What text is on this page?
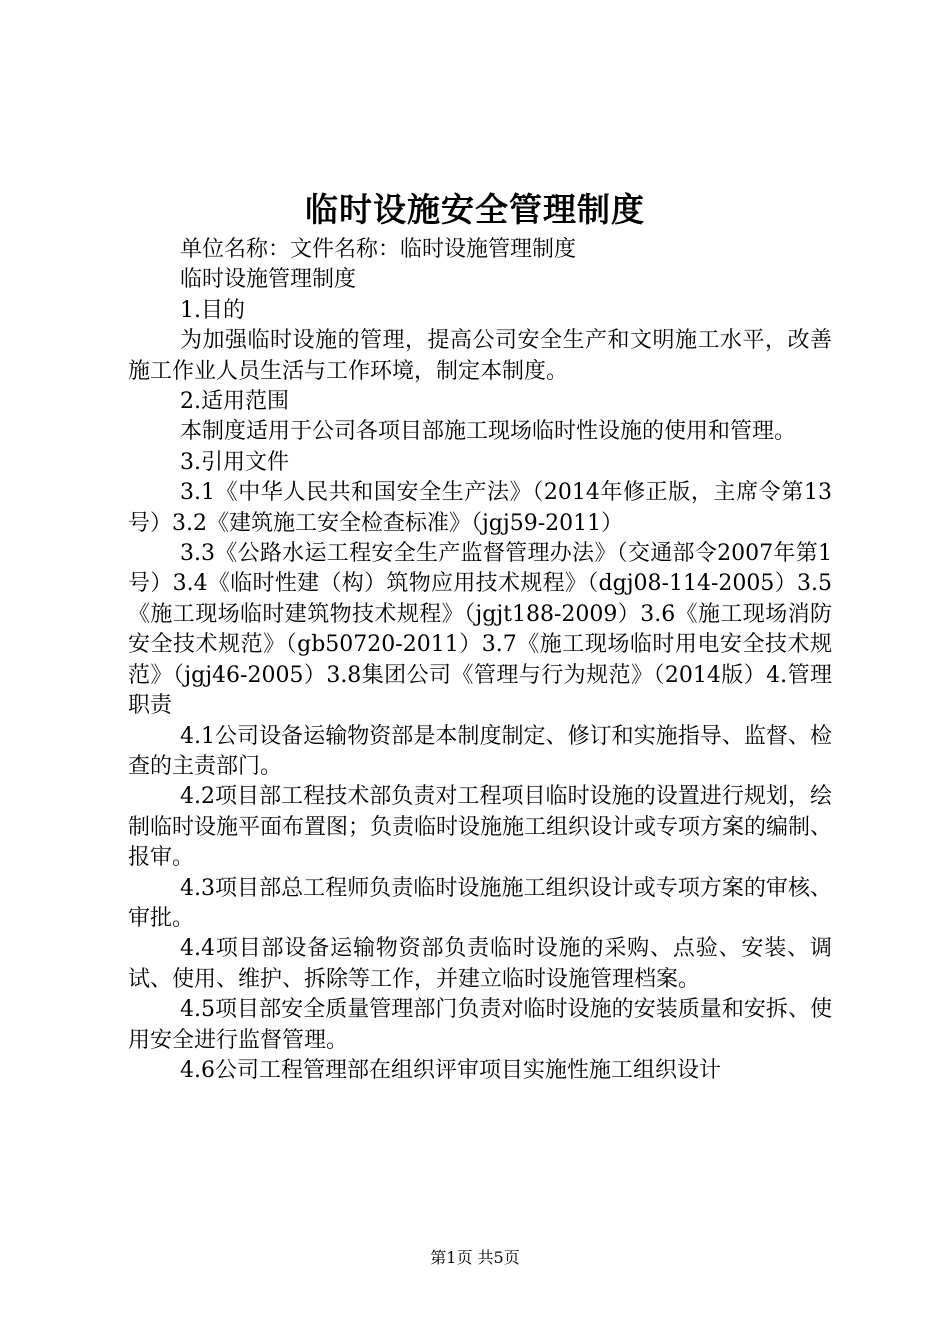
临时设施安全管理制度

单位名称：文件名称：临时设施管理制度

临时设施管理制度

1.目的

为加强临时设施的管理，提高公司安全生产和文明施工水平，改善施工作业人员生活与工作环境，制定本制度。

2.适用范围

本制度适用于公司各项目部施工现场临时性设施的使用和管理。

3.引用文件

3.1《中华人民共和国安全生产法》（2014年修正版，主席令第13号）3.2《建筑施工安全检查标准》（jgj59-2011）

3.3《公路水运工程安全生产监督管理办法》（交通部令2007年第1号）3.4《临时性建（构）筑物应用技术规程》（dgj08-114-2005）3.5《施工现场临时建筑物技术规程》（jgjt188-2009）3.6《施工现场消防安全技术规范》（gb50720-2011）3.7《施工现场临时用电安全技术规范》（jgj46-2005）3.8集团公司《管理与行为规范》（2014版）4.管理职责

4.1公司设备运输物资部是本制度制定、修订和实施指导、监督、检查的主责部门。

4.2项目部工程技术部负责对工程项目临时设施的设置进行规划，绘制临时设施平面布置图；负责临时设施施工组织设计或专项方案的编制、报审。

4.3项目部总工程师负责临时设施施工组织设计或专项方案的审核、审批。

4.4项目部设备运输物资部负责临时设施的采购、点验、安装、调试、使用、维护、拆除等工作，并建立临时设施管理档案。

4.5项目部安全质量管理部门负责对临时设施的安装质量和安拆、使用安全进行监督管理。

4.6公司工程管理部在组织评审项目实施性施工组织设计

第1页 共5页
